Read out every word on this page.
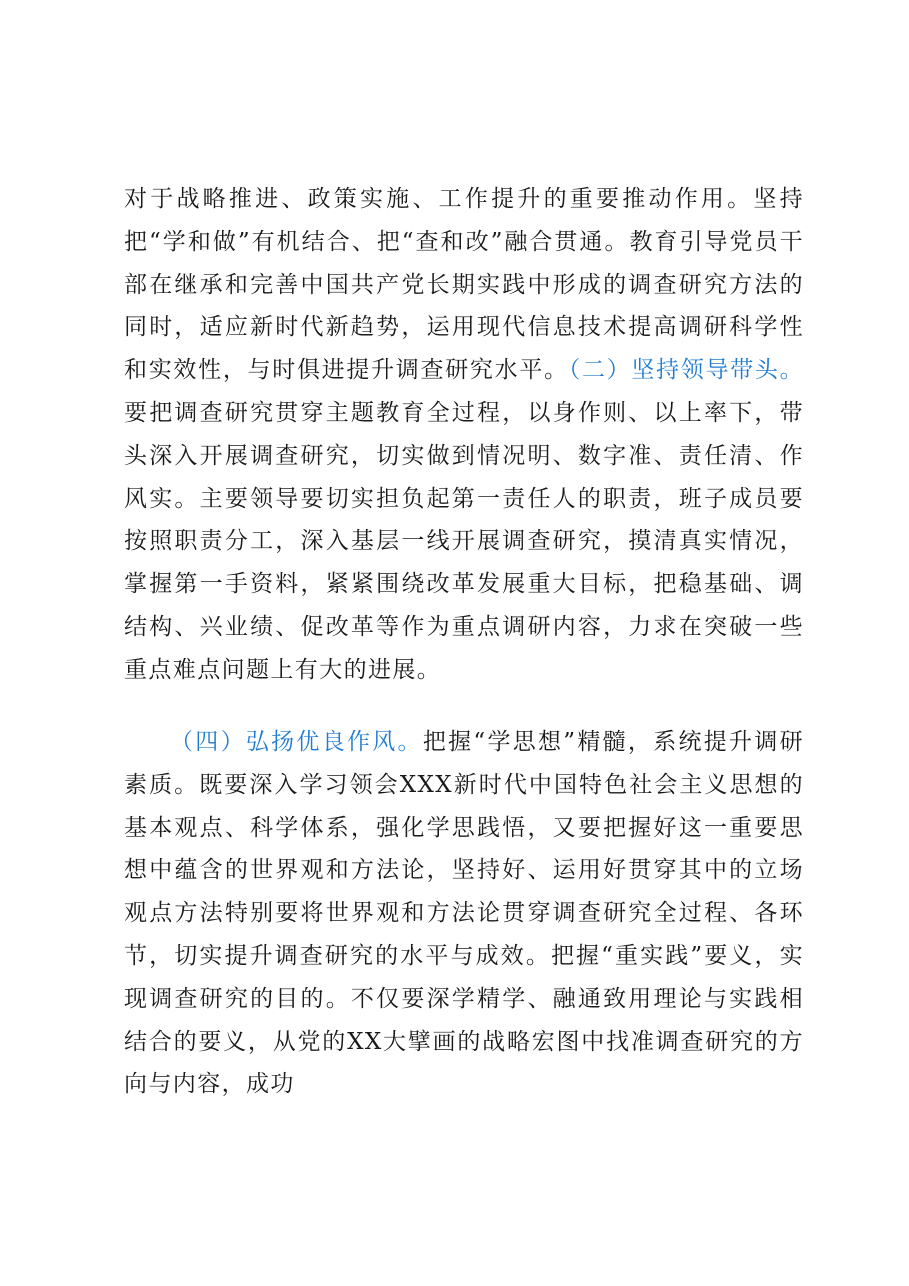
对于战略推进、政策实施、工作提升的重要推动作用。坚持把“学和做”有机结合、把“查和改”融合贯通。教育引导党员干部在继承和完善中国共产党长期实践中形成的调查研究方法的同时，适应新时代新趋势，运用现代信息技术提高调研科学性和实效性，与时俱进提升调查研究水平。（二）坚持领导带头。要把调查研究贯穿主题教育全过程，以身作则、以上率下，带头深入开展调查研究，切实做到情况明、数字准、责任清、作风实。主要领导要切实担负起第一责任人的职责，班子成员要按照职责分工，深入基层一线开展调查研究，摸清真实情况，掌握第一手资料，紧紧围绕改革发展重大目标，把稳基础、调结构、兴业绩、促改革等作为重点调研内容，力求在突破一些重点难点问题上有大的进展。

（四）弘扬优良作风。把握“学思想”精髓，系统提升调研素质。既要深入学习领会XXX新时代中国特色社会主义思想的基本观点、科学体系，强化学思践悟，又要把握好这一重要思想中蕴含的世界观和方法论，坚持好、运用好贯穿其中的立场观点方法特别要将世界观和方法论贯穿调查研究全过程、各环节，切实提升调查研究的水平与成效。把握“重实践”要义，实现调查研究的目的。不仅要深学精学、融通致用理论与实践相结合的要义，从党的XX大擘画的战略宏图中找准调查研究的方向与内容，成功
